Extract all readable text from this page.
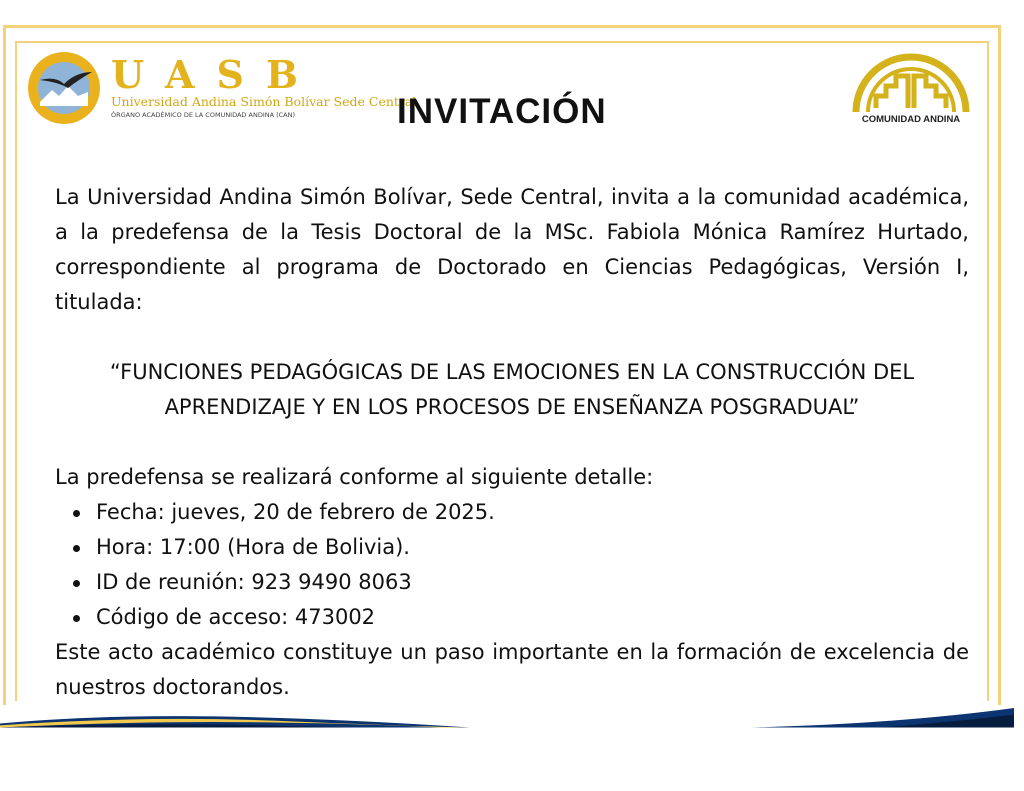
UASB
Universidad Andina Simón Bolívar Sede Central
ÓRGANO ACADÉMICO DE LA COMUNIDAD ANDINA (CAN)	INVITACIÓN	COMUNIDAD ANDINA

La Universidad Andina Simón Bolívar, Sede Central, invita a la comunidad académica, a la predefensa de la Tesis Doctoral de la MSc. Fabiola Mónica Ramírez Hurtado, correspondiente al programa de Doctorado en Ciencias Pedagógicas, Versión I, titulada:

“FUNCIONES PEDAGÓGICAS DE LAS EMOCIONES EN LA CONSTRUCCIÓN DEL APRENDIZAJE Y EN LOS PROCESOS DE ENSEÑANZA POSGRADUAL”

La predefensa se realizará conforme al siguiente detalle:

Fecha: jueves, 20 de febrero de 2025.
Hora: 17:00 (Hora de Bolivia).
ID de reunión: 923 9490 8063
Código de acceso: 473002

Este acto académico constituye un paso importante en la formación de excelencia de nuestros doctorandos.
